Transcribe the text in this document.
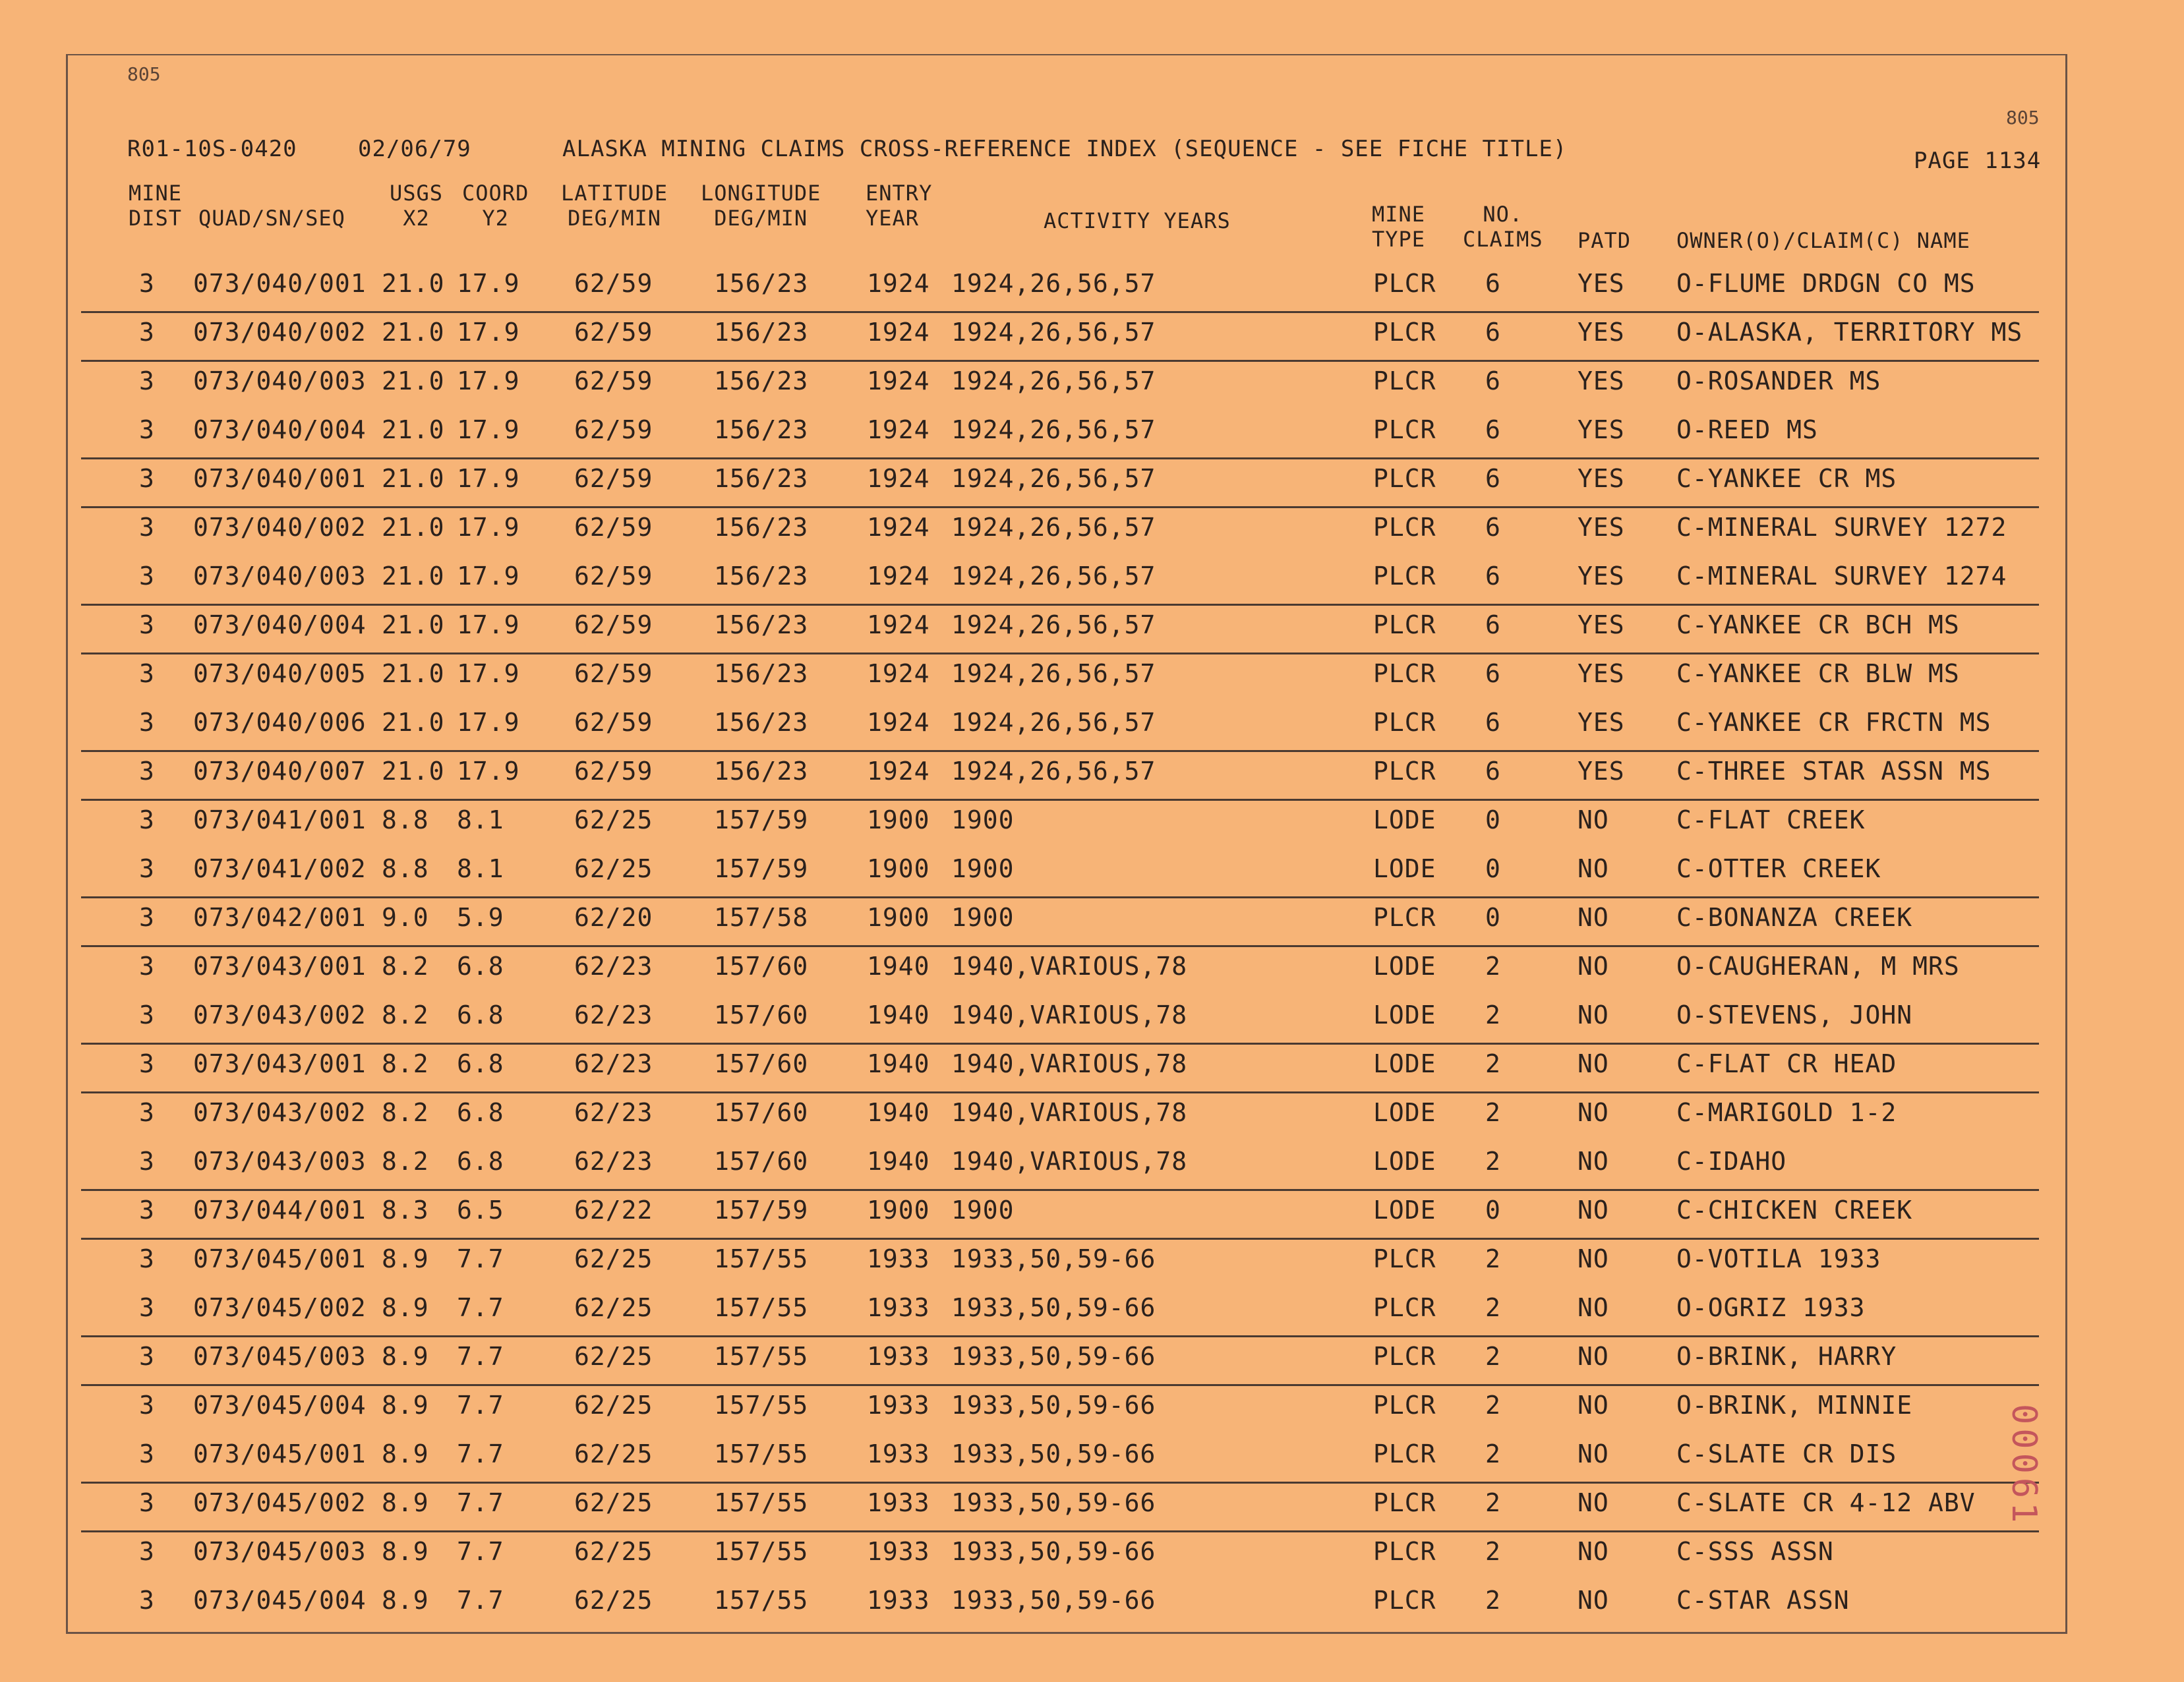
805
805
R01-10S-0420	02/06/79	ALASKA MINING CLAIMS CROSS-REFERENCE INDEX (SEQUENCE - SEE FICHE TITLE)	PAGE 1134
MINE
DIST QUAD/SN/SEQ
USGS
X2
COORD
Y2
LATITUDE
DEG/MIN
LONGITUDE
DEG/MIN
ENTRY
YEAR	ACTIVITY YEARS	MINE
TYPE
NO.
CLAIMS PATD OWNER(O)/CLAIM(C) NAME
3 073/040/001 21.0 17.9 62/59 156/23 1924 1924,26,56,57	PLCR 6	YES O-FLUME DRDGN CO MS
3 073/040/002 21.0 17.9 62/59 156/23 1924 1924,26,56,57	PLCR 6	YES O-ALASKA, TERRITORY MS
3 073/040/003 21.0 17.9 62/59 156/23 1924 1924,26,56,57	PLCR 6	YES O-ROSANDER MS
3 073/040/004 21.0 17.9 62/59 156/23 1924 1924,26,56,57	PLCR 6	YES O-REED MS
3 073/040/001 21.0 17.9 62/59 156/23 1924 1924,26,56,57	PLCR 6	YES C-YANKEE CR MS
3 073/040/002 21.0 17.9 62/59 156/23 1924 1924,26,56,57	PLCR 6	YES C-MINERAL SURVEY 1272
3 073/040/003 21.0 17.9 62/59 156/23 1924 1924,26,56,57	PLCR 6	YES C-MINERAL SURVEY 1274
3 073/040/004 21.0 17.9 62/59 156/23 1924 1924,26,56,57	PLCR 6	YES C-YANKEE CR BCH MS
3 073/040/005 21.0 17.9 62/59 156/23 1924 1924,26,56,57	PLCR 6	YES C-YANKEE CR BLW MS
3 073/040/006 21.0 17.9 62/59 156/23 1924 1924,26,56,57	PLCR 6	YES C-YANKEE CR FRCTN MS
3 073/040/007 21.0 17.9 62/59 156/23 1924 1924,26,56,57	PLCR 6	YES C-THREE STAR ASSN MS
3 073/041/001 8.8 8.1	62/25 157/59 1900 1900	LODE 0	NO	C-FLAT CREEK
3 073/041/002 8.8 8.1	62/25 157/59 1900 1900	LODE 0	NO	C-OTTER CREEK
3 073/042/001 9.0 5.9	62/20 157/58 1900 1900	PLCR 0	NO	C-BONANZA CREEK
3 073/043/001 8.2 6.8	62/23 157/60 1940 1940,VARIOUS,78	LODE 2	NO	O-CAUGHERAN, M MRS
3 073/043/002 8.2 6.8	62/23 157/60 1940 1940,VARIOUS,78	LODE 2	NO	O-STEVENS, JOHN
3 073/043/001 8.2 6.8	62/23 157/60 1940 1940,VARIOUS,78	LODE 2	NO	C-FLAT CR HEAD
3 073/043/002 8.2 6.8	62/23 157/60 1940 1940,VARIOUS,78	LODE 2	NO	C-MARIGOLD 1-2
3 073/043/003 8.2 6.8	62/23 157/60 1940 1940,VARIOUS,78	LODE 2	NO	C-IDAHO
3 073/044/001 8.3 6.5	62/22 157/59 1900 1900	LODE 0	NO	C-CHICKEN CREEK
3 073/045/001 8.9 7.7	62/25 157/55 1933 1933,50,59-66	PLCR 2	NO	O-VOTILA 1933
3 073/045/002 8.9 7.7	62/25 157/55 1933 1933,50,59-66	PLCR 2	NO	O-OGRIZ 1933
3 073/045/003 8.9 7.7	62/25 157/55 1933 1933,50,59-66	PLCR 2	NO	O-BRINK, HARRY
3 073/045/004 8.9 7.7	62/25 157/55 1933 1933,50,59-66	PLCR 2	NO	O-BRINK, MINNIE
3 073/045/001 8.9 7.7	62/25 157/55 1933 1933,50,59-66	PLCR 2	NO	C-SLATE CR DIS
3 073/045/002 8.9 7.7	62/25 157/55 1933 1933,50,59-66	PLCR 2	NO	C-SLATE CR 4-12 ABV
3 073/045/003 8.9 7.7	62/25 157/55 1933 1933,50,59-66	PLCR 2	NO	C-SSS ASSN
3 073/045/004 8.9 7.7	62/25 157/55 1933 1933,50,59-66	PLCR 2	NO	C-STAR ASSN
00061
